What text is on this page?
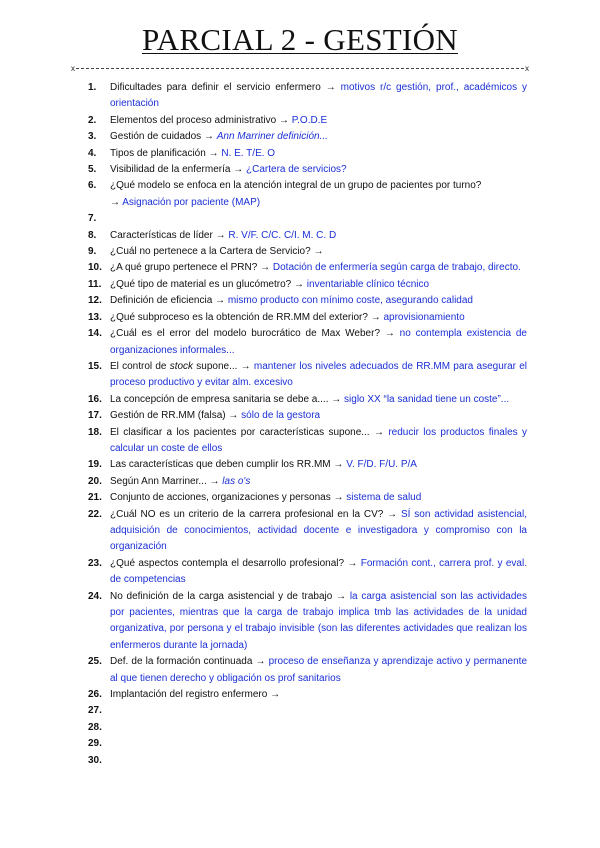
PARCIAL 2 - GESTIÓN
x	x
1. Dificultades para definir el servicio enfermero → motivos r/c gestión, prof., académicos y orientación
2. Elementos del proceso administrativo → P.O.D.E
3. Gestión de cuidados → Ann Marriner definición...
4. Tipos de planificación → N. E. T/E. O
5. Visibilidad de la enfermería → ¿Cartera de servicios?
6. ¿Qué modelo se enfoca en la atención integral de un grupo de pacientes por turno?
→ Asignación por paciente (MAP)
7.

8. Características de líder → R. V/F. C/C. C/I. M. C. D
9. ¿Cuál no pertenece a la Cartera de Servicio? →
10. ¿A qué grupo pertenece el PRN? → Dotación de enfermería según carga de trabajo, directo.
11. ¿Qué tipo de material es un glucómetro? → inventariable clínico técnico
12. Definición de eficiencia → mismo producto con mínimo coste, asegurando calidad
13. ¿Qué subproceso es la obtención de RR.MM del exterior? → aprovisionamiento
14. ¿Cuál es el error del modelo burocrático de Max Weber? → no contempla existencia de organizaciones informales...
15. El control de stock supone... → mantener los niveles adecuados de RR.MM para asegurar el proceso productivo y evitar alm. excesivo
16. La concepción de empresa sanitaria se debe a.... → siglo XX “la sanidad tiene un coste”...
17. Gestión de RR.MM (falsa) → sólo de la gestora
18. El clasificar a los pacientes por características supone... → reducir los productos finales y calcular un coste de ellos
19. Las características que deben cumplir los RR.MM → V. F/D. F/U. P/A
20. Según Ann Marriner... → las o's
21. Conjunto de acciones, organizaciones y personas → sistema de salud
22. ¿Cuál NO es un criterio de la carrera profesional en la CV? → SÍ son actividad asistencial, adquisición de conocimientos, actividad docente e investigadora y compromiso con la organización
23. ¿Qué aspectos contempla el desarrollo profesional? → Formación cont., carrera prof. y eval. de competencias
24. No definición de la carga asistencial y de trabajo → la carga asistencial son las actividades por pacientes, mientras que la carga de trabajo implica tmb las actividades de la unidad organizativa, por persona y el trabajo invisible (son las diferentes actividades que realizan los enfermeros durante la jornada)
25. Def. de la formación continuada → proceso de enseñanza y aprendizaje activo y permanente al que tienen derecho y obligación os prof sanitarios
26. Implantación del registro enfermero →
27.

28.

29.

30.
